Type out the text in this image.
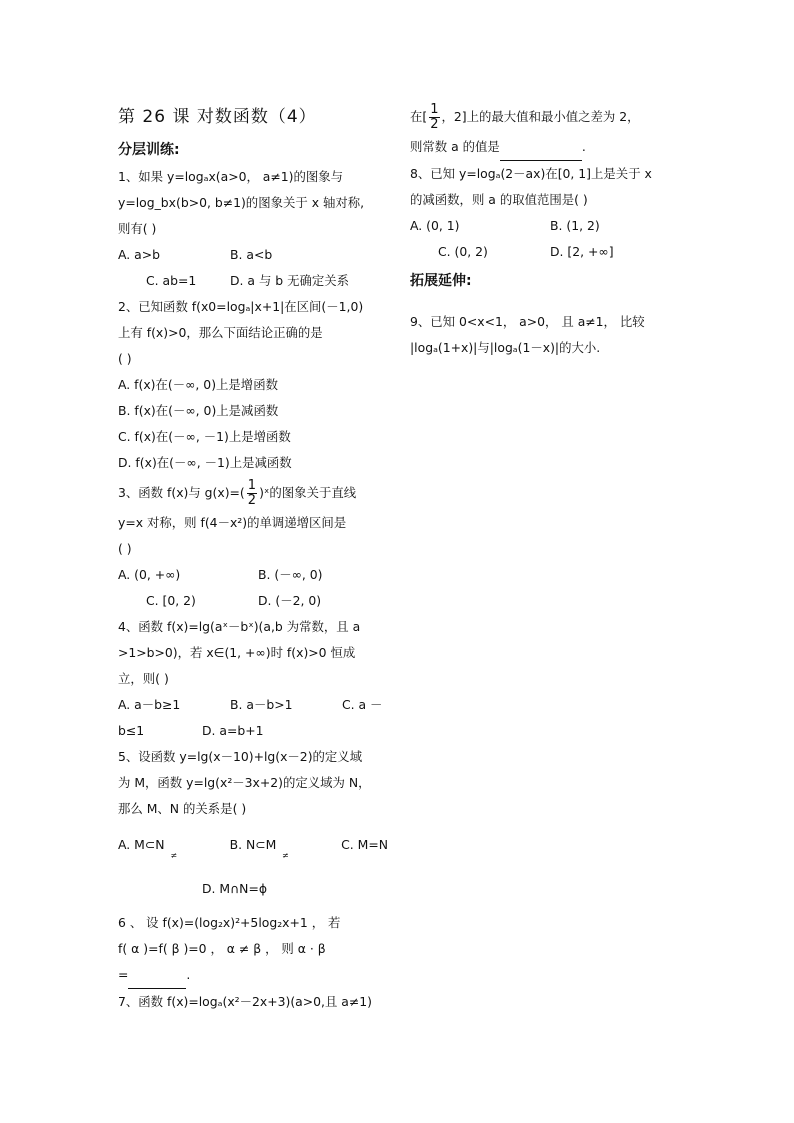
第 26 课 对数函数（4）
分层训练:

1、如果 y=logₐx(a>0， a≠1)的图象与

y=log_bx(b>0, b≠1)的图象关于 x 轴对称,

则有( )

A. a>b	B. a<b
C. ab=1	D. a 与 b 无确定关系

2、已知函数 f(x0=logₐ|x+1|在区间(－1,0)

上有 f(x)>0，那么下面结论正确的是

( )

A. f(x)在(－∞, 0)上是增函数

B. f(x)在(－∞, 0)上是减函数

C. f(x)在(－∞, －1)上是增函数

D. f(x)在(－∞, －1)上是减函数

3、函数 f(x)与 $g(x)=( \frac{1}{2}$ )ˣ的图象关于直线

y=x 对称，则 f(4－x²)的单调递增区间是

( )

A. (0, +∞)	B. (－∞, 0)
C. [0, 2)	D. (－2, 0)

4、函数 f(x)=lg(aˣ－bˣ)(a,b 为常数，且 a

>1>b>0)，若 x∈(1, +∞)时 f(x)>0 恒成

立，则( )

A. a－b≥1	B. a－b>1	C. a －
b≤1	D. a=b+1

5、设函数 y=lg(x－10)+lg(x－2)的定义域

为 M，函数 y=lg(x²－3x+2)的定义域为 N，

那么 M、N 的关系是( )

A. M⊂N ≠	B. N⊂M ≠	C. M=N
D. M∩N=ϕ

6 、 设 f(x)=(log₂x)²+5log₂x+1 ， 若

f( α )=f( β )=0 ， α ≠ β ， 则 α · β

=	.

7、函数 f(x)=logₐ(x²－2x+3)(a>0,且 a≠1)

在[ $\frac{1}{2}$ ，2]上的最大值和最小值之差为 2，

则常数 a 的值是	.

8、已知 y=logₐ(2－ax)在[0, 1]上是关于 x

的减函数，则 a 的取值范围是( )

A. (0, 1)	B. (1, 2)
C. (0, 2)	D. [2, +∞]
拓展延伸:

9、已知 0<x<1， a>0， 且 a≠1， 比较

|logₐ(1+x)|与|logₐ(1－x)|的大小.
